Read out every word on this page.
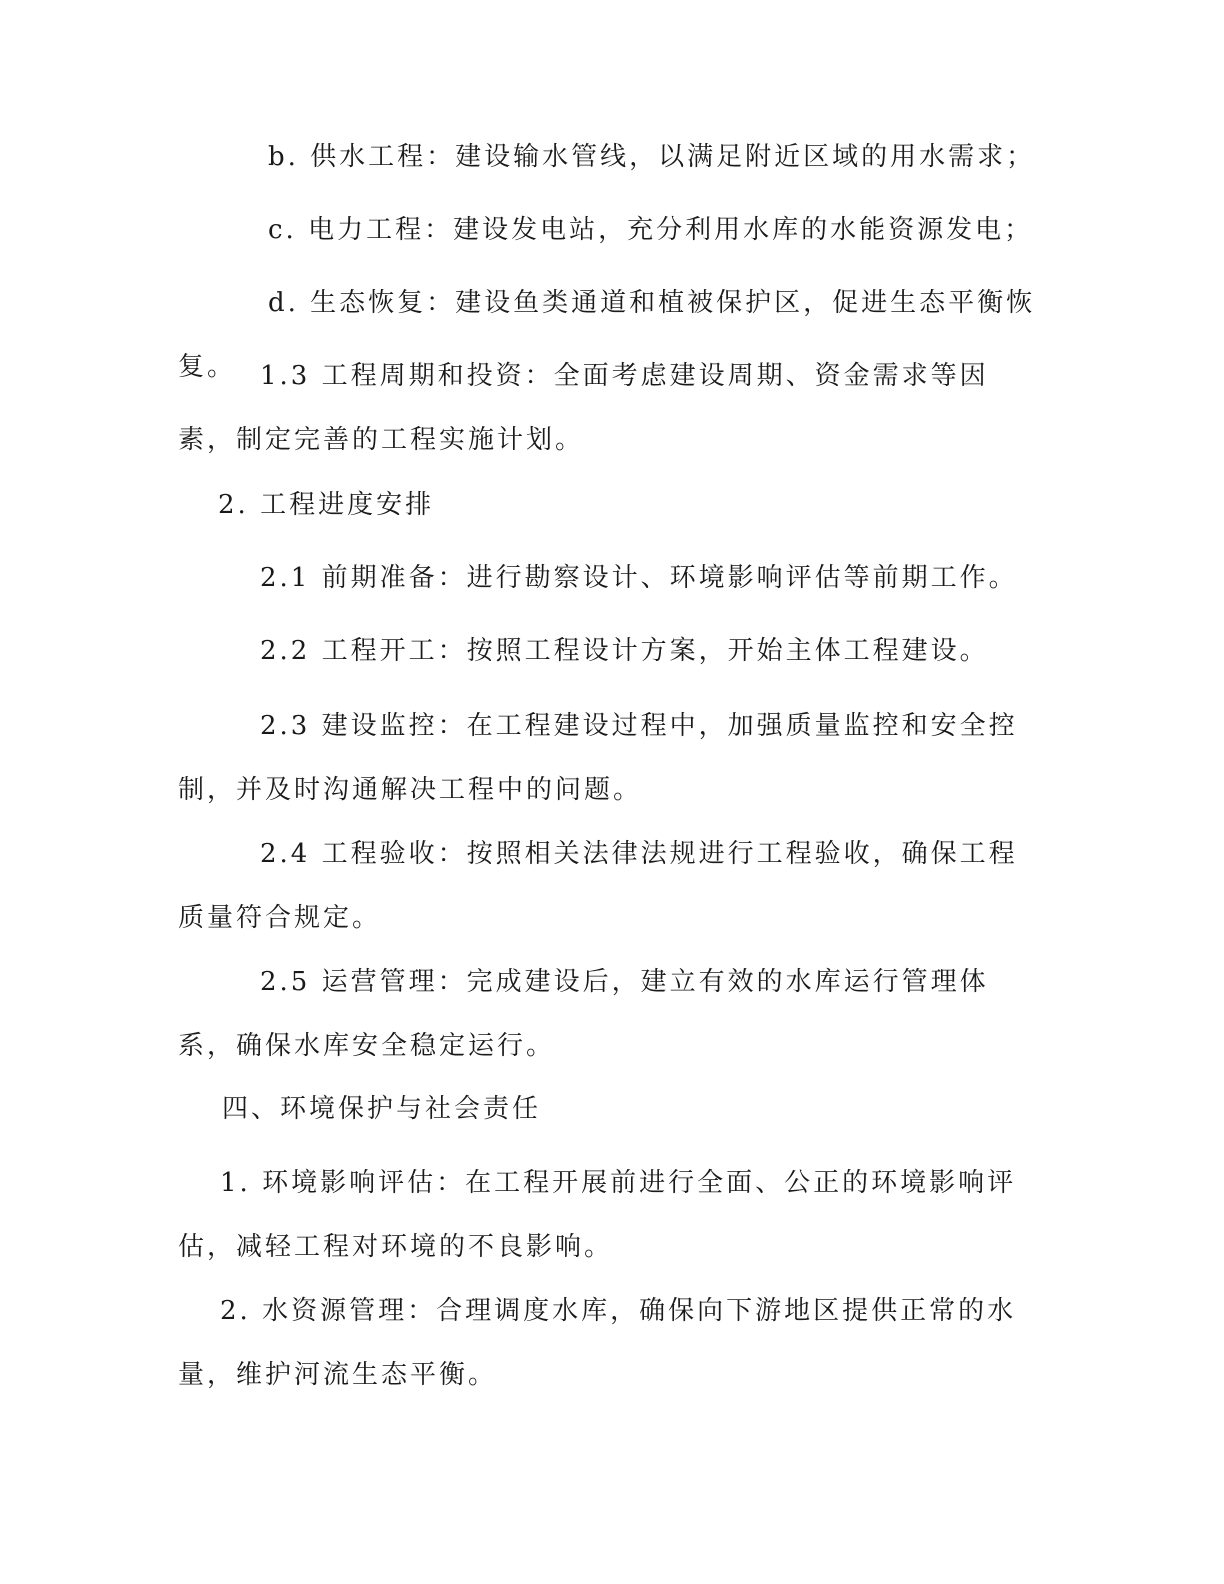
b. 供水工程：建设输水管线，以满足附近区域的用水需求；

c. 电力工程：建设发电站，充分利用水库的水能资源发电；

d. 生态恢复：建设鱼类通道和植被保护区，促进生态平衡恢复。 1.3 工程周期和投资：全面考虑建设周期、资金需求等因素，制定完善的工程实施计划。

2. 工程进度安排

2.1 前期准备：进行勘察设计、环境影响评估等前期工作。

2.2 工程开工：按照工程设计方案，开始主体工程建设。

2.3 建设监控：在工程建设过程中，加强质量监控和安全控制，并及时沟通解决工程中的问题。

2.4 工程验收：按照相关法律法规进行工程验收，确保工程质量符合规定。

2.5 运营管理：完成建设后，建立有效的水库运行管理体系，确保水库安全稳定运行。

四、环境保护与社会责任

1. 环境影响评估：在工程开展前进行全面、公正的环境影响评估，减轻工程对环境的不良影响。

2. 水资源管理：合理调度水库，确保向下游地区提供正常的水量，维护河流生态平衡。
